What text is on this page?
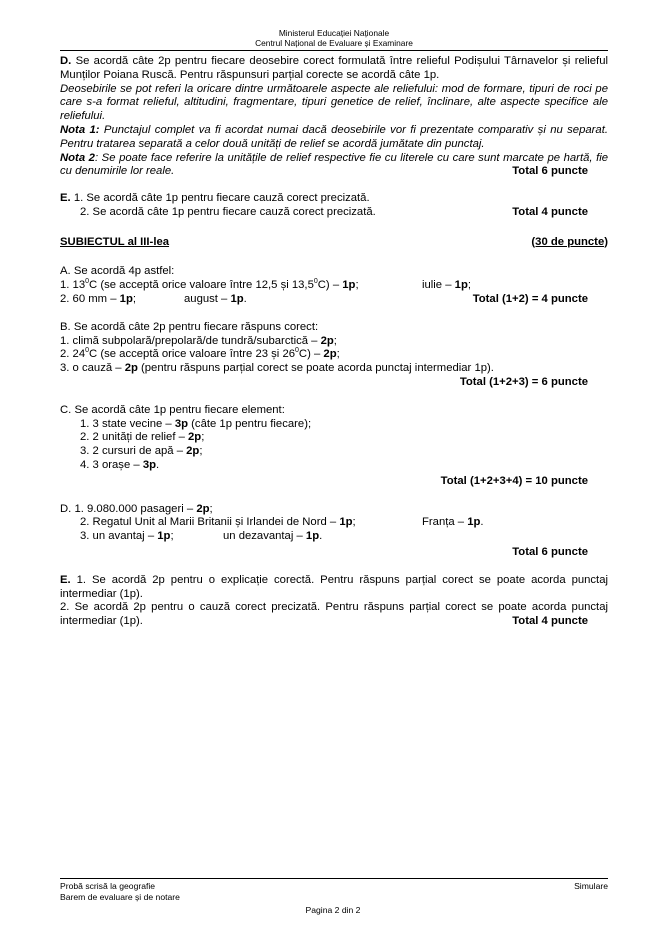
Ministerul Educației Naționale
Centrul Național de Evaluare și Examinare

D. Se acordă câte 2p pentru fiecare deosebire corect formulată între relieful Podișului Târnavelor și relieful Munților Poiana Ruscă. Pentru răspunsuri parțial corecte se acordă câte 1p.

Deosebirile se pot referi la oricare dintre următoarele aspecte ale reliefului: mod de formare, tipuri de roci pe care s-a format relieful, altitudini, fragmentare, tipuri genetice de relief, înclinare, alte aspecte specifice ale reliefului.

Nota 1: Punctajul complet va fi acordat numai dacă deosebirile vor fi prezentate comparativ și nu separat. Pentru tratarea separată a celor două unități de relief se acordă jumătate din punctaj.

Nota 2: Se poate face referire la unitățile de relief respective fie cu literele cu care sunt marcate pe hartă, fie cu denumirile lor reale.	Total 6 puncte
E. 1. Se acordă câte 1p pentru fiecare cauză corect precizată.
2. Se acordă câte 1p pentru fiecare cauză corect precizată.	Total 4 puncte
SUBIECTUL al III-lea	(30 de puncte)
A. Se acordă 4p astfel:
1. $13^0C$ (se acceptă orice valoare între 12,5 și 13,5$^0$C) – 1p;	iulie – 1p;
2. 60 mm – 1p;	august – 1p.	Total (1+2) = 4 puncte
B. Se acordă câte 2p pentru fiecare răspuns corect:
1. climă subpolară/prepolară/de tundră/subarctică – 2p;
2. $24^0C$ (se acceptă orice valoare între 23 și $26^0C) - 2p$;
3. o cauză – 2p (pentru răspuns parțial corect se poate acorda punctaj intermediar 1p).
Total (1+2+3) = 6 puncte
C. Se acordă câte 1p pentru fiecare element:
1. 3 state vecine – 3p (câte 1p pentru fiecare);
2. 2 unități de relief – 2p;
3. 2 cursuri de apă – 2p;
4. 3 orașe – 3p.
Total (1+2+3+4) = 10 puncte
D. 1. 9.080.000 pasageri – 2p;
2. Regatul Unit al Marii Britanii și Irlandei de Nord – 1p;	Franța – 1p.
3. un avantaj – 1p;	un dezavantaj – 1p.
Total 6 puncte

E. 1. Se acordă 2p pentru o explicație corectă. Pentru răspuns parțial corect se poate acorda punctaj intermediar (1p).

2. Se acordă 2p pentru o cauză corect precizată. Pentru răspuns parțial corect se poate acorda punctaj intermediar (1p).	Total 4 puncte
Probă scrisă la geografie
Barem de evaluare și de notare
Simulare
Pagina 2 din 2
